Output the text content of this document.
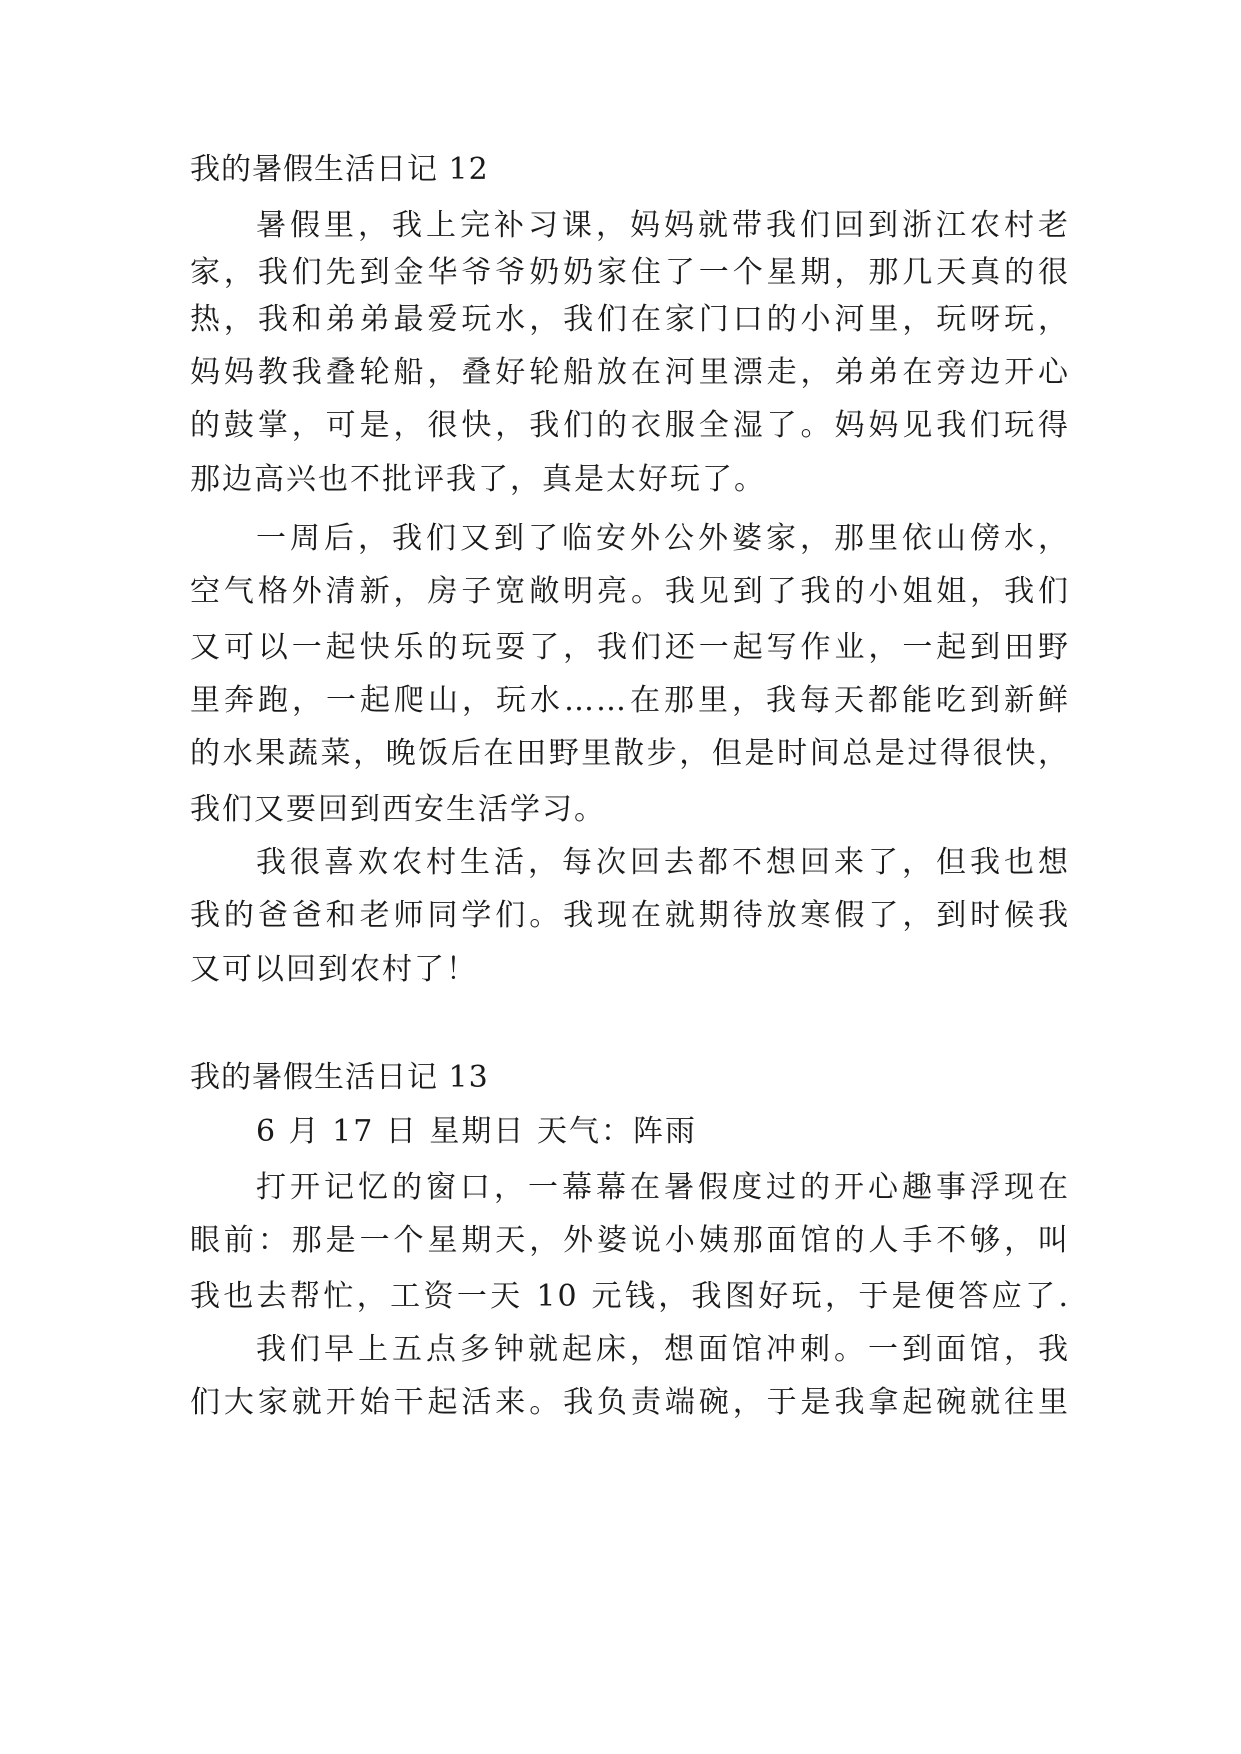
我的暑假生活日记 12
暑假里，我上完补习课，妈妈就带我们回到浙江农村老
家，我们先到金华爷爷奶奶家住了一个星期，那几天真的很
热，我和弟弟最爱玩水，我们在家门口的小河里，玩呀玩，
妈妈教我叠轮船，叠好轮船放在河里漂走，弟弟在旁边开心
的鼓掌，可是，很快，我们的衣服全湿了。妈妈见我们玩得
那边高兴也不批评我了，真是太好玩了。
一周后，我们又到了临安外公外婆家，那里依山傍水，
空气格外清新，房子宽敞明亮。我见到了我的小姐姐，我们
又可以一起快乐的玩耍了，我们还一起写作业，一起到田野
里奔跑，一起爬山，玩水……在那里，我每天都能吃到新鲜
的水果蔬菜，晚饭后在田野里散步，但是时间总是过得很快，
我们又要回到西安生活学习。
我很喜欢农村生活，每次回去都不想回来了，但我也想
我的爸爸和老师同学们。我现在就期待放寒假了，到时候我
又可以回到农村了！
我的暑假生活日记 13
6 月 17 日 星期日 天气：阵雨
打开记忆的窗口，一幕幕在暑假度过的开心趣事浮现在
眼前：那是一个星期天，外婆说小姨那面馆的人手不够，叫
我也去帮忙，工资一天 10 元钱，我图好玩，于是便答应了.
我们早上五点多钟就起床，想面馆冲刺。一到面馆，我
们大家就开始干起活来。我负责端碗，于是我拿起碗就往里
